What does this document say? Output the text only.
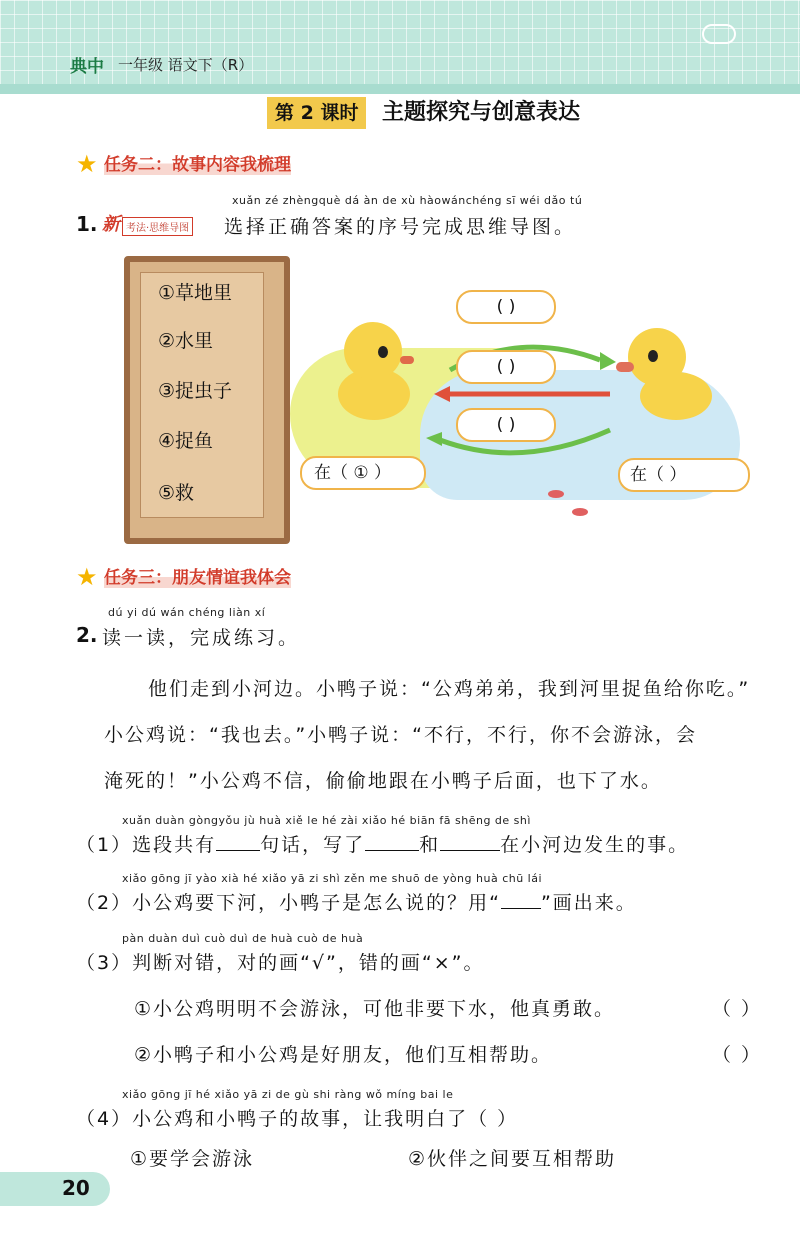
典中 一年级 语文下（R）
第 2 课时	主题探究与创意表达
★ 任务二：故事内容我梳理
xuǎn zé zhèngquè dá àn de xù hàowánchéng sī wéi dǎo tú
1. 新 考法·思维导图 选择正确答案的序号完成思维导图。
①草地里
②水里
③捉虫子
④捉鱼
⑤救
( )
( )
( )
在（ ① ）	在（ ）
★ 任务三：朋友情谊我体会
dú yi dú wán chéng liàn xí
2. 读一读，完成练习。
他们走到小河边。小鸭子说：“公鸡弟弟，我到河里捉鱼给你吃。”
小公鸡说：“我也去。”小鸭子说：“不行，不行，你不会游泳，会
淹死的！”小公鸡不信，偷偷地跟在小鸭子后面，也下了水。
xuǎn duàn gòngyǒu jù huà xiě le hé zài xiǎo hé biān fā shēng de shì
（1）选段共有 句话，写了	和	在小河边发生的事。
xiǎo gōng jī yào xià hé xiǎo yā zi shì zěn me shuō de yòng huà chū lái
（2）小公鸡要下河，小鸭子是怎么说的？用“ ”画出来。
pàn duàn duì cuò duì de huà cuò de huà
（3）判断对错，对的画“√”，错的画“×”。
①小公鸡明明不会游泳，可他非要下水，他真勇敢。	（ ）
②小鸭子和小公鸡是好朋友，他们互相帮助。	（ ）
xiǎo gōng jī hé xiǎo yā zi de gù shi ràng wǒ míng bai le
（4）小公鸡和小鸭子的故事，让我明白了（ ）
①要学会游泳	②伙伴之间要互相帮助
20
